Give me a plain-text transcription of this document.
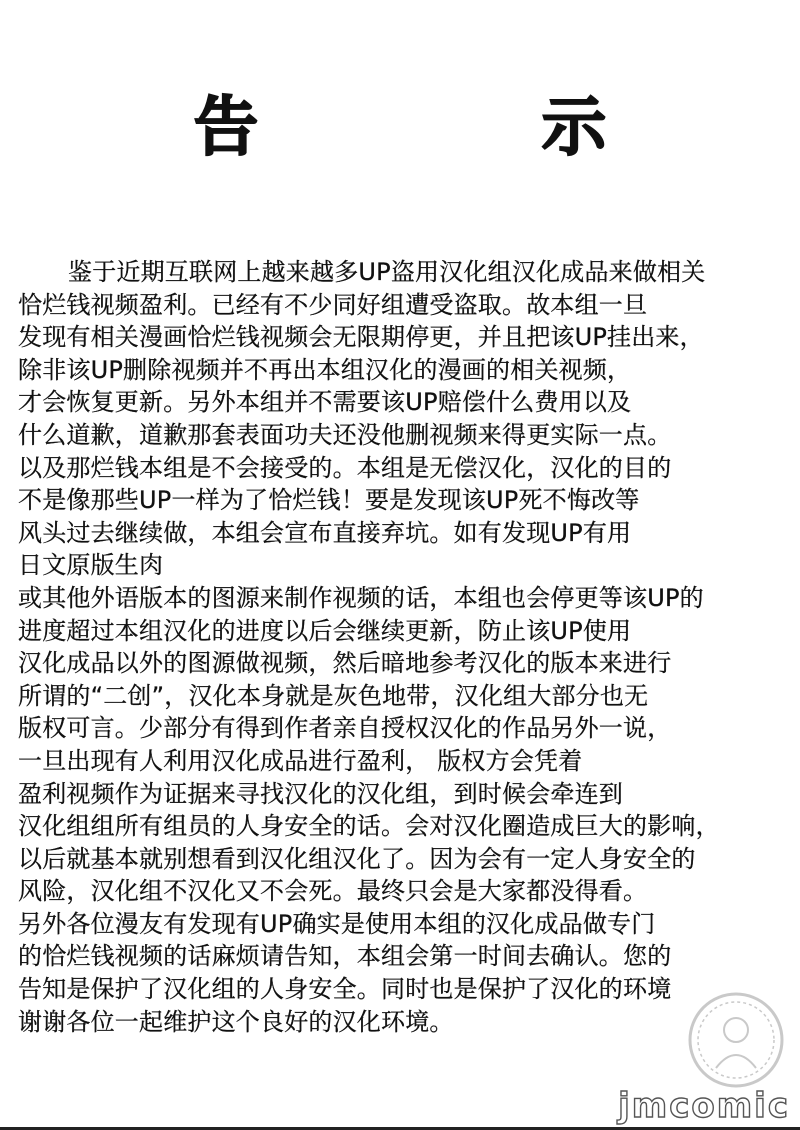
告　示
鉴于近期互联网上越来越多UP盗用汉化组汉化成品来做相关
恰烂钱视频盈利。已经有不少同好组遭受盗取。故本组一旦
发现有相关漫画恰烂钱视频会无限期停更，并且把该UP挂出来，
除非该UP删除视频并不再出本组汉化的漫画的相关视频，
才会恢复更新。另外本组并不需要该UP赔偿什么费用以及
什么道歉，道歉那套表面功夫还没他删视频来得更实际一点。
以及那烂钱本组是不会接受的。本组是无偿汉化，汉化的目的
不是像那些UP一样为了恰烂钱！要是发现该UP死不悔改等
风头过去继续做，本组会宣布直接弃坑。如有发现UP有用
日文原版生肉
或其他外语版本的图源来制作视频的话，本组也会停更等该UP的
进度超过本组汉化的进度以后会继续更新，防止该UP使用
汉化成品以外的图源做视频，然后暗地参考汉化的版本来进行
所谓的“二创”，汉化本身就是灰色地带，汉化组大部分也无
版权可言。少部分有得到作者亲自授权汉化的作品另外一说，
一旦出现有人利用汉化成品进行盈利， 版权方会凭着
盈利视频作为证据来寻找汉化的汉化组，到时候会牵连到
汉化组组所有组员的人身安全的话。会对汉化圈造成巨大的影响，
以后就基本就别想看到汉化组汉化了。因为会有一定人身安全的
风险，汉化组不汉化又不会死。最终只会是大家都没得看。
另外各位漫友有发现有UP确实是使用本组的汉化成品做专门
的恰烂钱视频的话麻烦请告知，本组会第一时间去确认。您的
告知是保护了汉化组的人身安全。同时也是保护了汉化的环境
谢谢各位一起维护这个良好的汉化环境。
jmcomic
